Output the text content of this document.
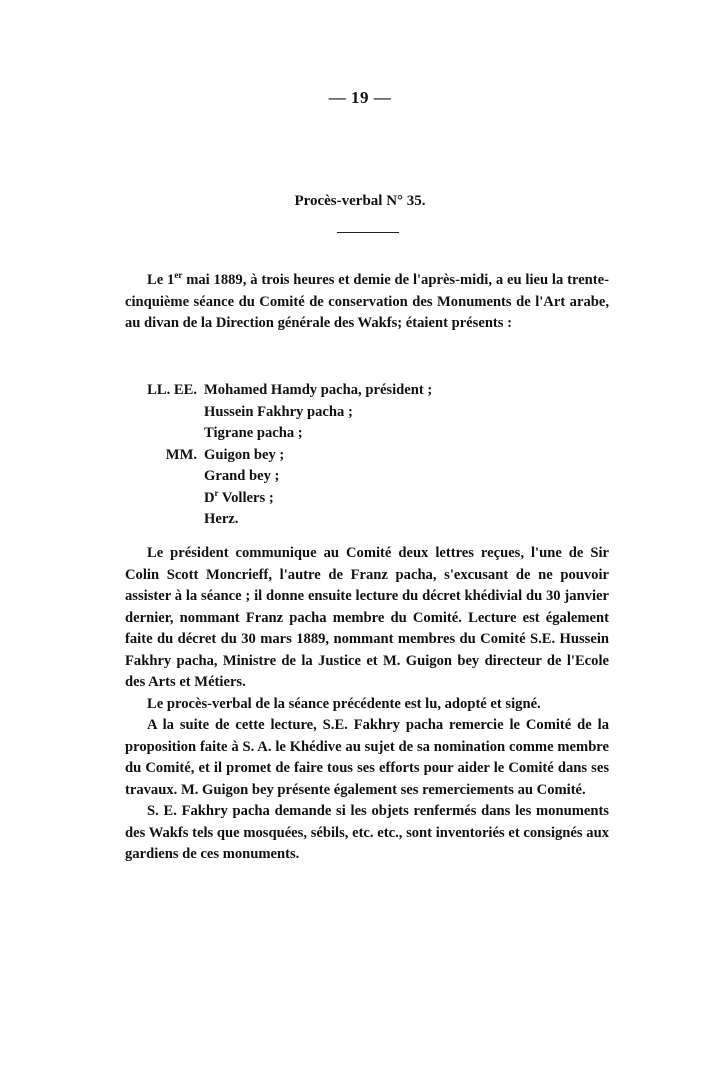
— 19 —
Procès-verbal N° 35.

Le 1er mai 1889, à trois heures et demie de l'après-midi, a eu lieu la trente-cinquième séance du Comité de conservation des Monuments de l'Art arabe, au divan de la Direction générale des Wakfs; étaient présents :

LL. EE. Mohamed Hamdy pacha, président ;
Hussein Fakhry pacha ;
Tigrane pacha ;
MM. Guigon bey ;
Grand bey ;
$D^r$ Vollers ;
Herz.

Le président communique au Comité deux lettres reçues, l'une de Sir Colin Scott Moncrieff, l'autre de Franz pacha, s'excusant de ne pouvoir assister à la séance ; il donne ensuite lecture du décret khédivial du 30 janvier dernier, nommant Franz pacha membre du Comité. Lecture est également faite du décret du 30 mars 1889, nommant membres du Comité S.E. Hussein Fakhry pacha, Ministre de la Justice et M. Guigon bey directeur de l'Ecole des Arts et Métiers.

Le procès-verbal de la séance précédente est lu, adopté et signé.

A la suite de cette lecture, S.E. Fakhry pacha remercie le Comité de la proposition faite à S. A. le Khédive au sujet de sa nomination comme membre du Comité, et il promet de faire tous ses efforts pour aider le Comité dans ses travaux. M. Guigon bey présente également ses remerciements au Comité.

S. E. Fakhry pacha demande si les objets renfermés dans les monuments des Wakfs tels que mosquées, sébils, etc. etc., sont inventoriés et consignés aux gardiens de ces monuments.
